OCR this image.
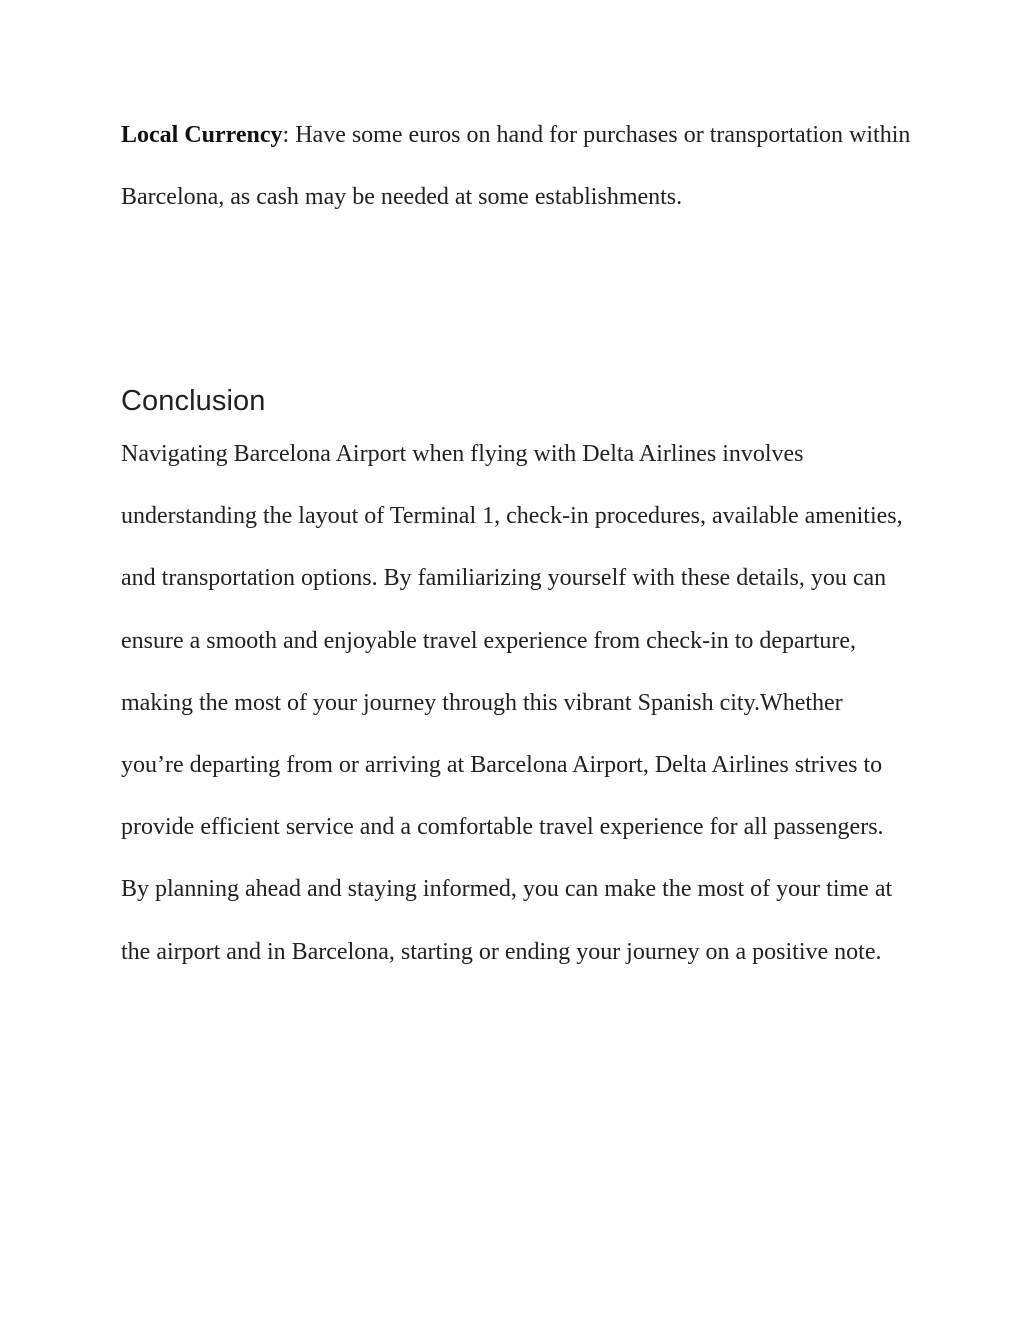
Local Currency: Have some euros on hand for purchases or transportation within Barcelona, as cash may be needed at some establishments.

Conclusion

Navigating Barcelona Airport when flying with Delta Airlines involves understanding the layout of Terminal 1, check-in procedures, available amenities, and transportation options. By familiarizing yourself with these details, you can ensure a smooth and enjoyable travel experience from check-in to departure, making the most of your journey through this vibrant Spanish city.Whether you’re departing from or arriving at Barcelona Airport, Delta Airlines strives to provide efficient service and a comfortable travel experience for all passengers. By planning ahead and staying informed, you can make the most of your time at the airport and in Barcelona, starting or ending your journey on a positive note.
